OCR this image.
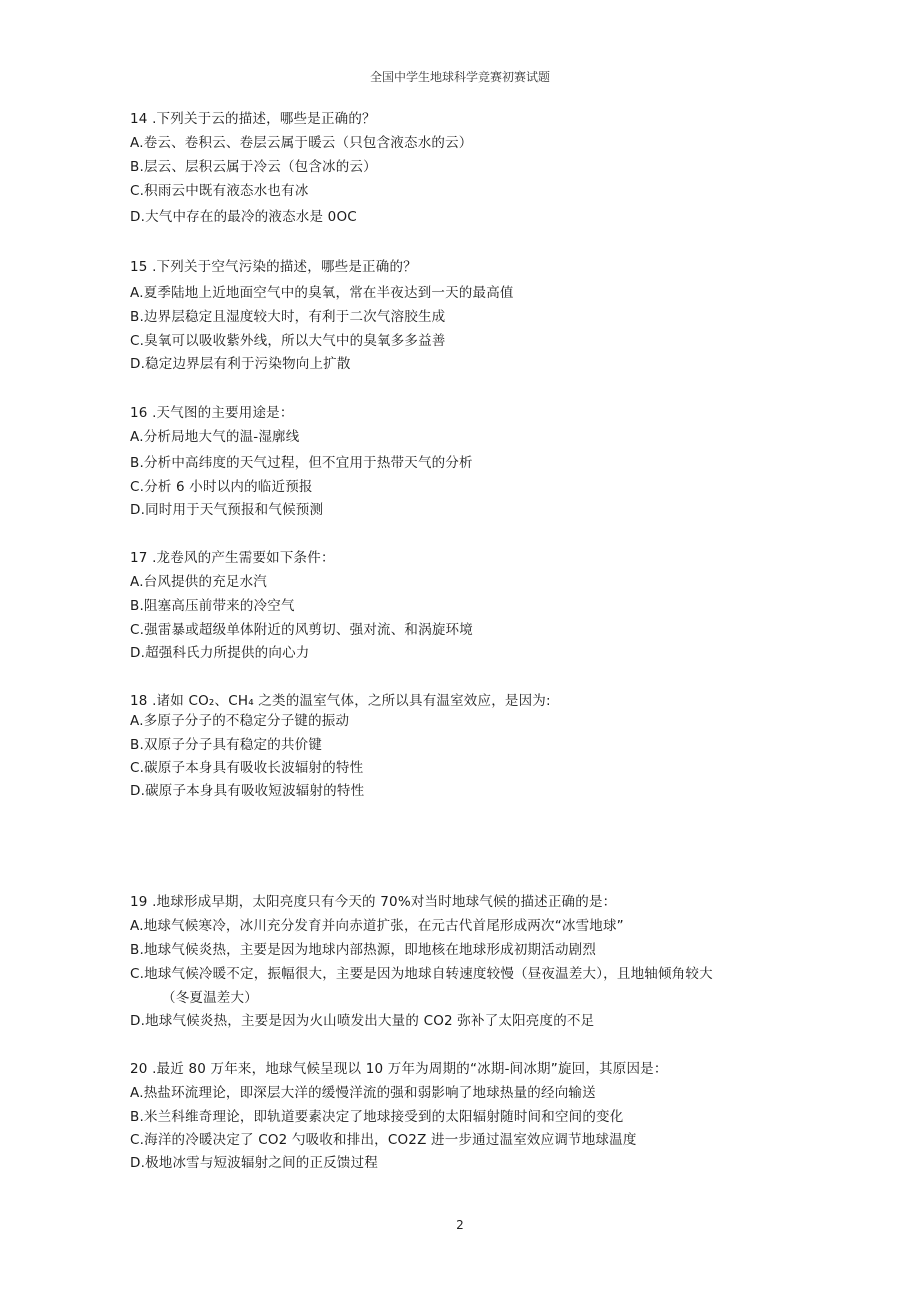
全国中学生地球科学竞赛初赛试题
14 .下列关于云的描述，哪些是正确的？
A.卷云、卷积云、卷层云属于暖云（只包含液态水的云）
B.层云、层积云属于冷云（包含冰的云）
C.积雨云中既有液态水也有冰
D.大气中存在的最冷的液态水是 0OC
15 .下列关于空气污染的描述，哪些是正确的？
A.夏季陆地上近地面空气中的臭氧，常在半夜达到一天的最高值
B.边界层稳定且湿度较大时，有利于二次气溶胶生成
C.臭氧可以吸收紫外线，所以大气中的臭氧多多益善
D.稳定边界层有利于污染物向上扩散
16 .天气图的主要用途是：
A.分析局地大气的温-湿廓线
B.分析中高纬度的天气过程，但不宜用于热带天气的分析
C.分析 6 小时以内的临近预报
D.同时用于天气预报和气候预测
17 .龙卷风的产生需要如下条件：
A.台风提供的充足水汽
B.阻塞高压前带来的冷空气
C.强雷暴或超级单体附近的风剪切、强对流、和涡旋环境
D.超强科氏力所提供的向心力
18 .诸如 CO₂、CH₄ 之类的温室气体，之所以具有温室效应，是因为:
A.多原子分子的不稳定分子键的振动
B.双原子分子具有稳定的共价键
C.碳原子本身具有吸收长波辐射的特性
D.碳原子本身具有吸收短波辐射的特性
19 .地球形成早期，太阳亮度只有今天的 70%对当时地球气候的描述正确的是：
A.地球气候寒冷，冰川充分发育并向赤道扩张，在元古代首尾形成两次“冰雪地球”
B.地球气候炎热，主要是因为地球内部热源，即地核在地球形成初期活动剧烈
C.地球气候冷暖不定，振幅很大，主要是因为地球自转速度较慢（昼夜温差大），且地轴倾角较大
（冬夏温差大）
D.地球气候炎热，主要是因为火山喷发出大量的 CO2 弥补了太阳亮度的不足
20 .最近 80 万年来，地球气候呈现以 10 万年为周期的“冰期-间冰期”旋回，其原因是：
A.热盐环流理论，即深层大洋的缓慢洋流的强和弱影响了地球热量的经向输送
B.米兰科维奇理论，即轨道要素决定了地球接受到的太阳辐射随时间和空间的变化
C.海洋的冷暖决定了 CO2 勺吸收和排出，CO2Z 进一步通过温室效应调节地球温度
D.极地冰雪与短波辐射之间的正反馈过程
2
